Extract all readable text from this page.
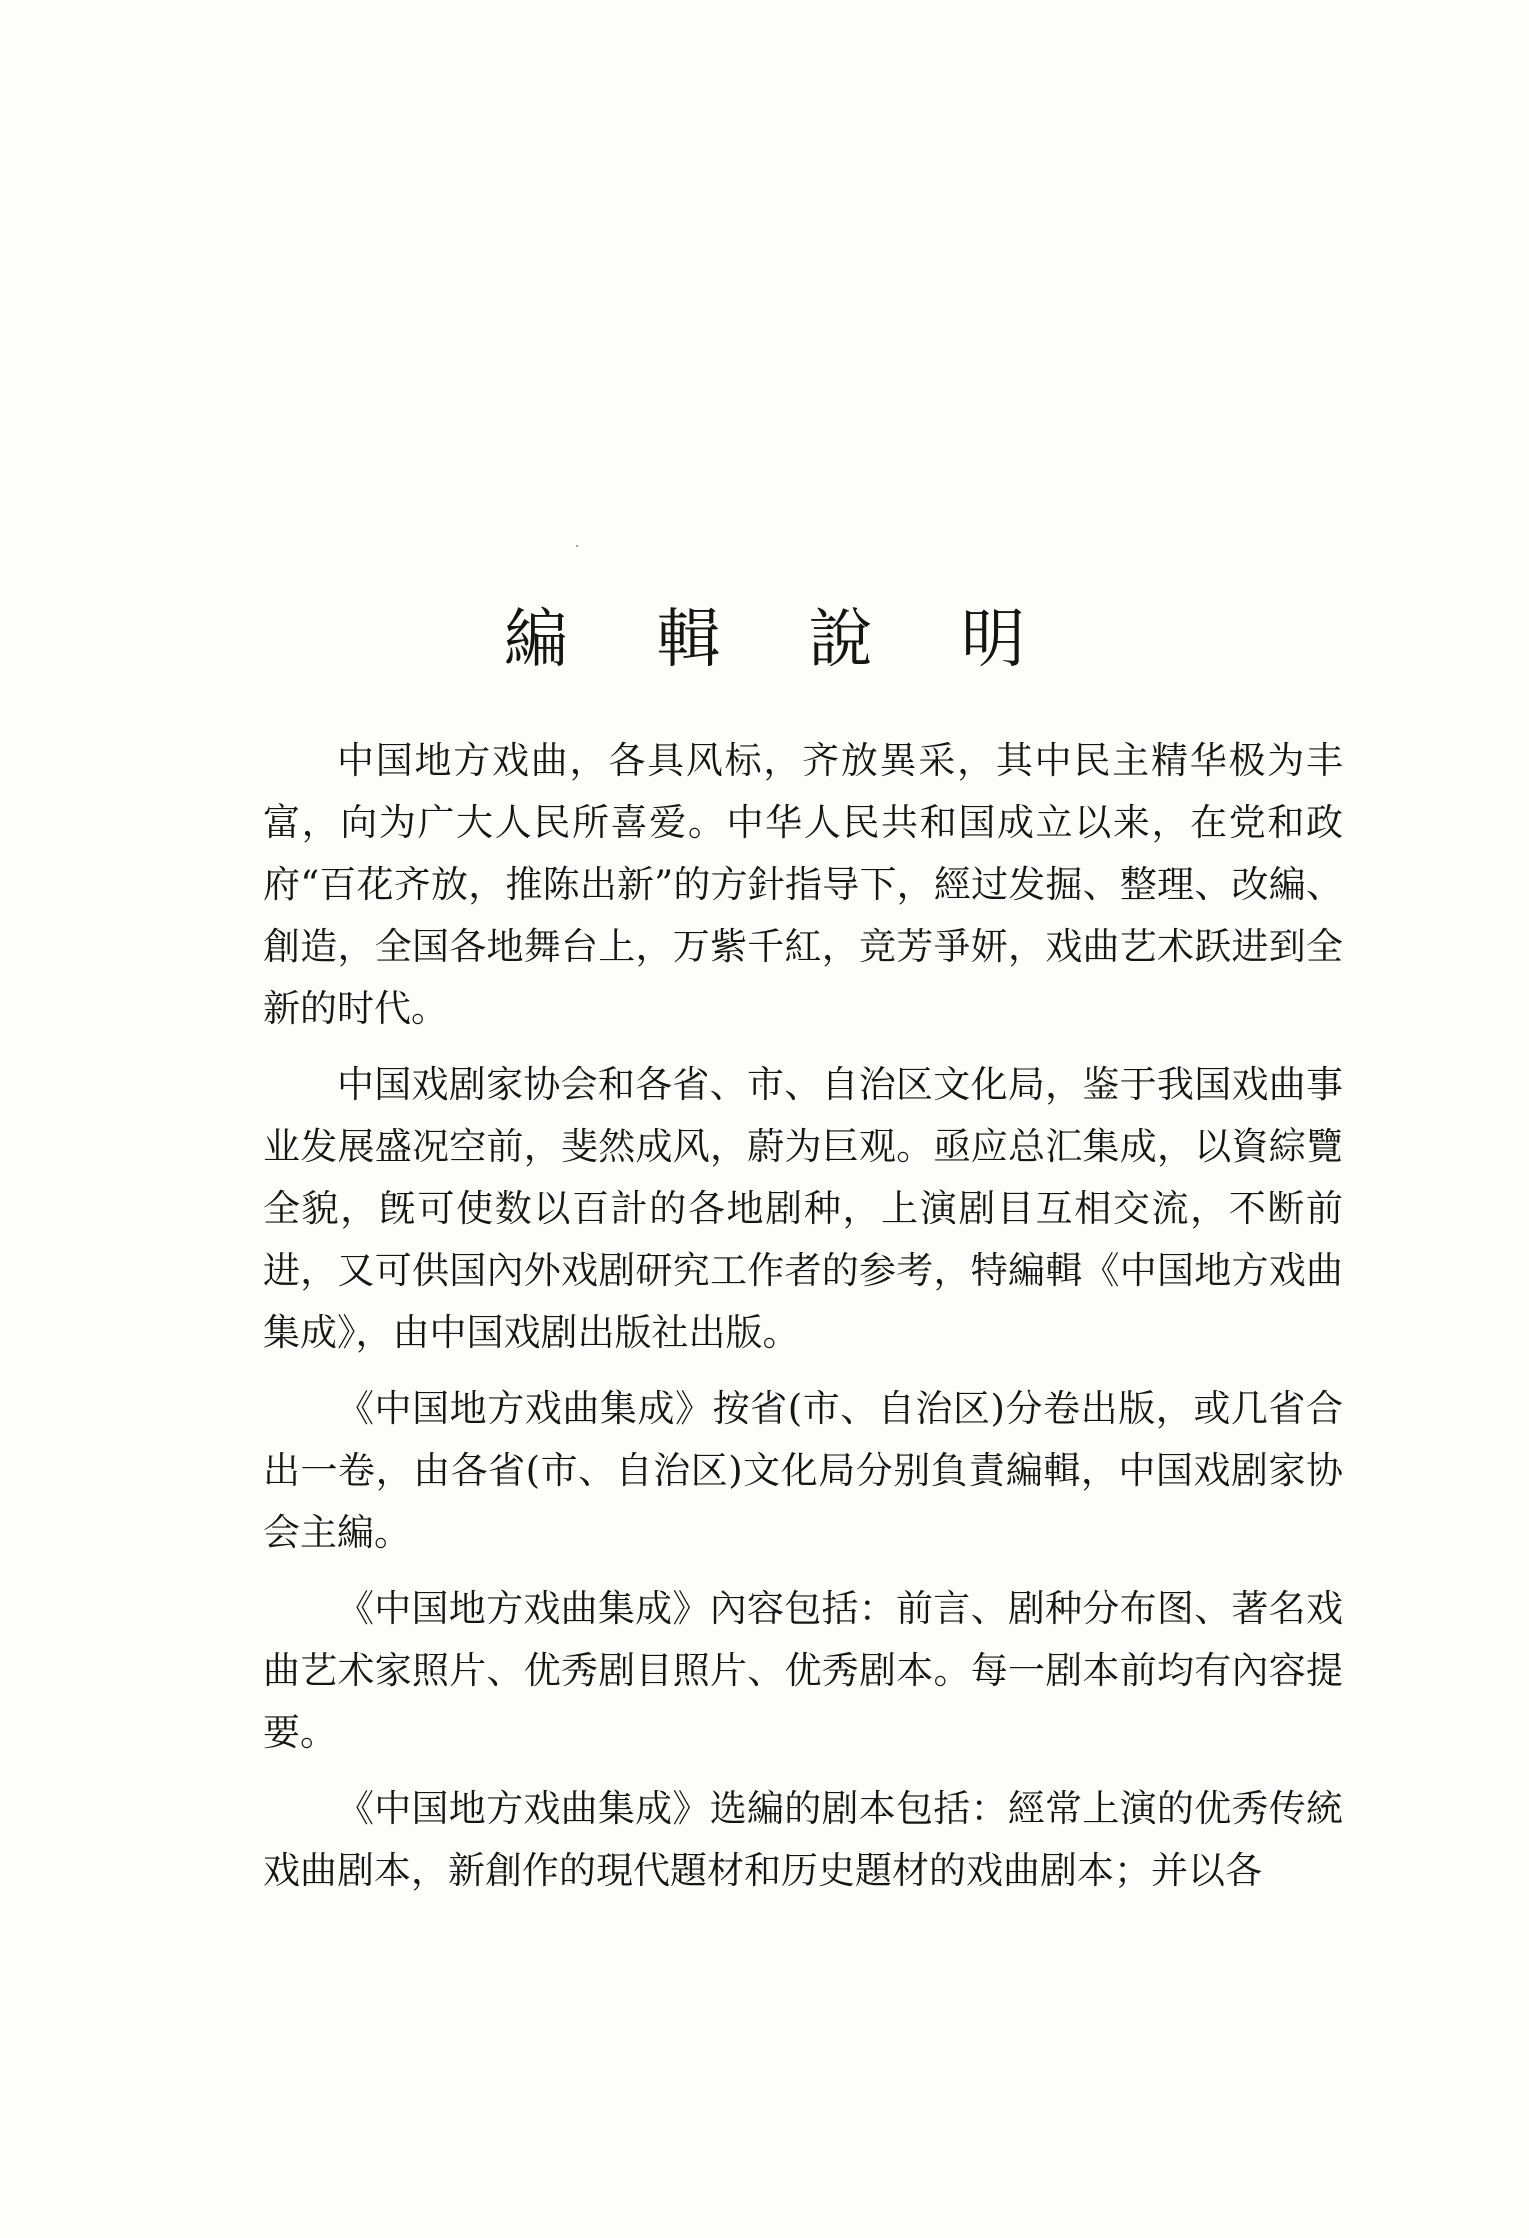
編 輯 說 明

中国地方戏曲，各具风标，齐放異采，其中民主精华极为丰富，向为广大人民所喜爱。中华人民共和国成立以来，在党和政府“百花齐放，推陈出新”的方針指导下，經过发掘、整理、改編、創造，全国各地舞台上，万紫千紅，竞芳爭妍，戏曲艺术跃进到全新的时代。

中国戏剧家协会和各省、市、自治区文化局，鉴于我国戏曲事业发展盛况空前，斐然成风，蔚为巨观。亟应总汇集成，以資綜覽全貌，旣可使数以百計的各地剧种，上演剧目互相交流，不断前进，又可供国內外戏剧研究工作者的参考，特編輯《中国地方戏曲集成》，由中国戏剧出版社出版。

《中国地方戏曲集成》按省(市、自治区)分卷出版，或几省合出一卷，由各省(市、自治区)文化局分别負責編輯，中国戏剧家协会主編。

《中国地方戏曲集成》內容包括：前言、剧种分布图、著名戏曲艺术家照片、优秀剧目照片、优秀剧本。每一剧本前均有內容提要。

《中国地方戏曲集成》选編的剧本包括：經常上演的优秀传統戏曲剧本，新創作的現代題材和历史題材的戏曲剧本；并以各
